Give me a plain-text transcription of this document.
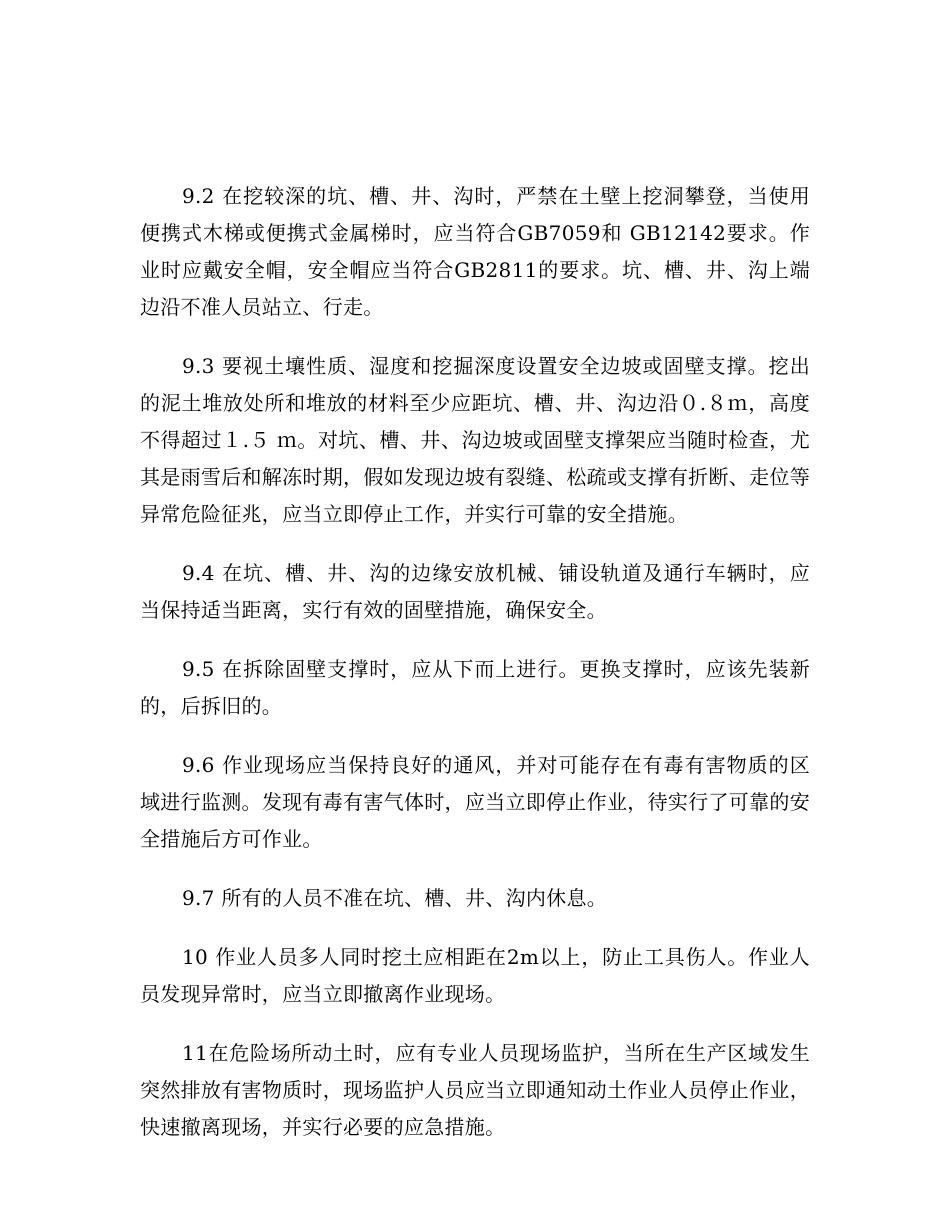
9.2 在挖较深的坑、槽、井、沟时，严禁在土壁上挖洞攀登，当使用便携式木梯或便携式金属梯时，应当符合GB7059和 GB12142要求。作业时应戴安全帽，安全帽应当符合GB2811的要求。坑、槽、井、沟上端边沿不准人员站立、行走。

9.3 要视土壤性质、湿度和挖掘深度设置安全边坡或固壁支撑。挖出的泥土堆放处所和堆放的材料至少应距坑、槽、井、沟边沿０.８ｍ，高度不得超过１.５ ｍ。对坑、槽、井、沟边坡或固壁支撑架应当随时检查，尤其是雨雪后和解冻时期，假如发现边坡有裂缝、松疏或支撑有折断、走位等异常危险征兆，应当立即停止工作，并实行可靠的安全措施。

9.4 在坑、槽、井、沟的边缘安放机械、铺设轨道及通行车辆时，应当保持适当距离，实行有效的固壁措施，确保安全。

9.5 在拆除固壁支撑时，应从下而上进行。更换支撑时，应该先装新的，后拆旧的。

9.6 作业现场应当保持良好的通风，并对可能存在有毒有害物质的区域进行监测。发现有毒有害气体时，应当立即停止作业，待实行了可靠的安全措施后方可作业。

9.7 所有的人员不准在坑、槽、井、沟内休息。

10 作业人员多人同时挖土应相距在2m以上，防止工具伤人。作业人员发现异常时，应当立即撤离作业现场。

11在危险场所动土时，应有专业人员现场监护，当所在生产区域发生突然排放有害物质时，现场监护人员应当立即通知动土作业人员停止作业，快速撤离现场，并实行必要的应急措施。
